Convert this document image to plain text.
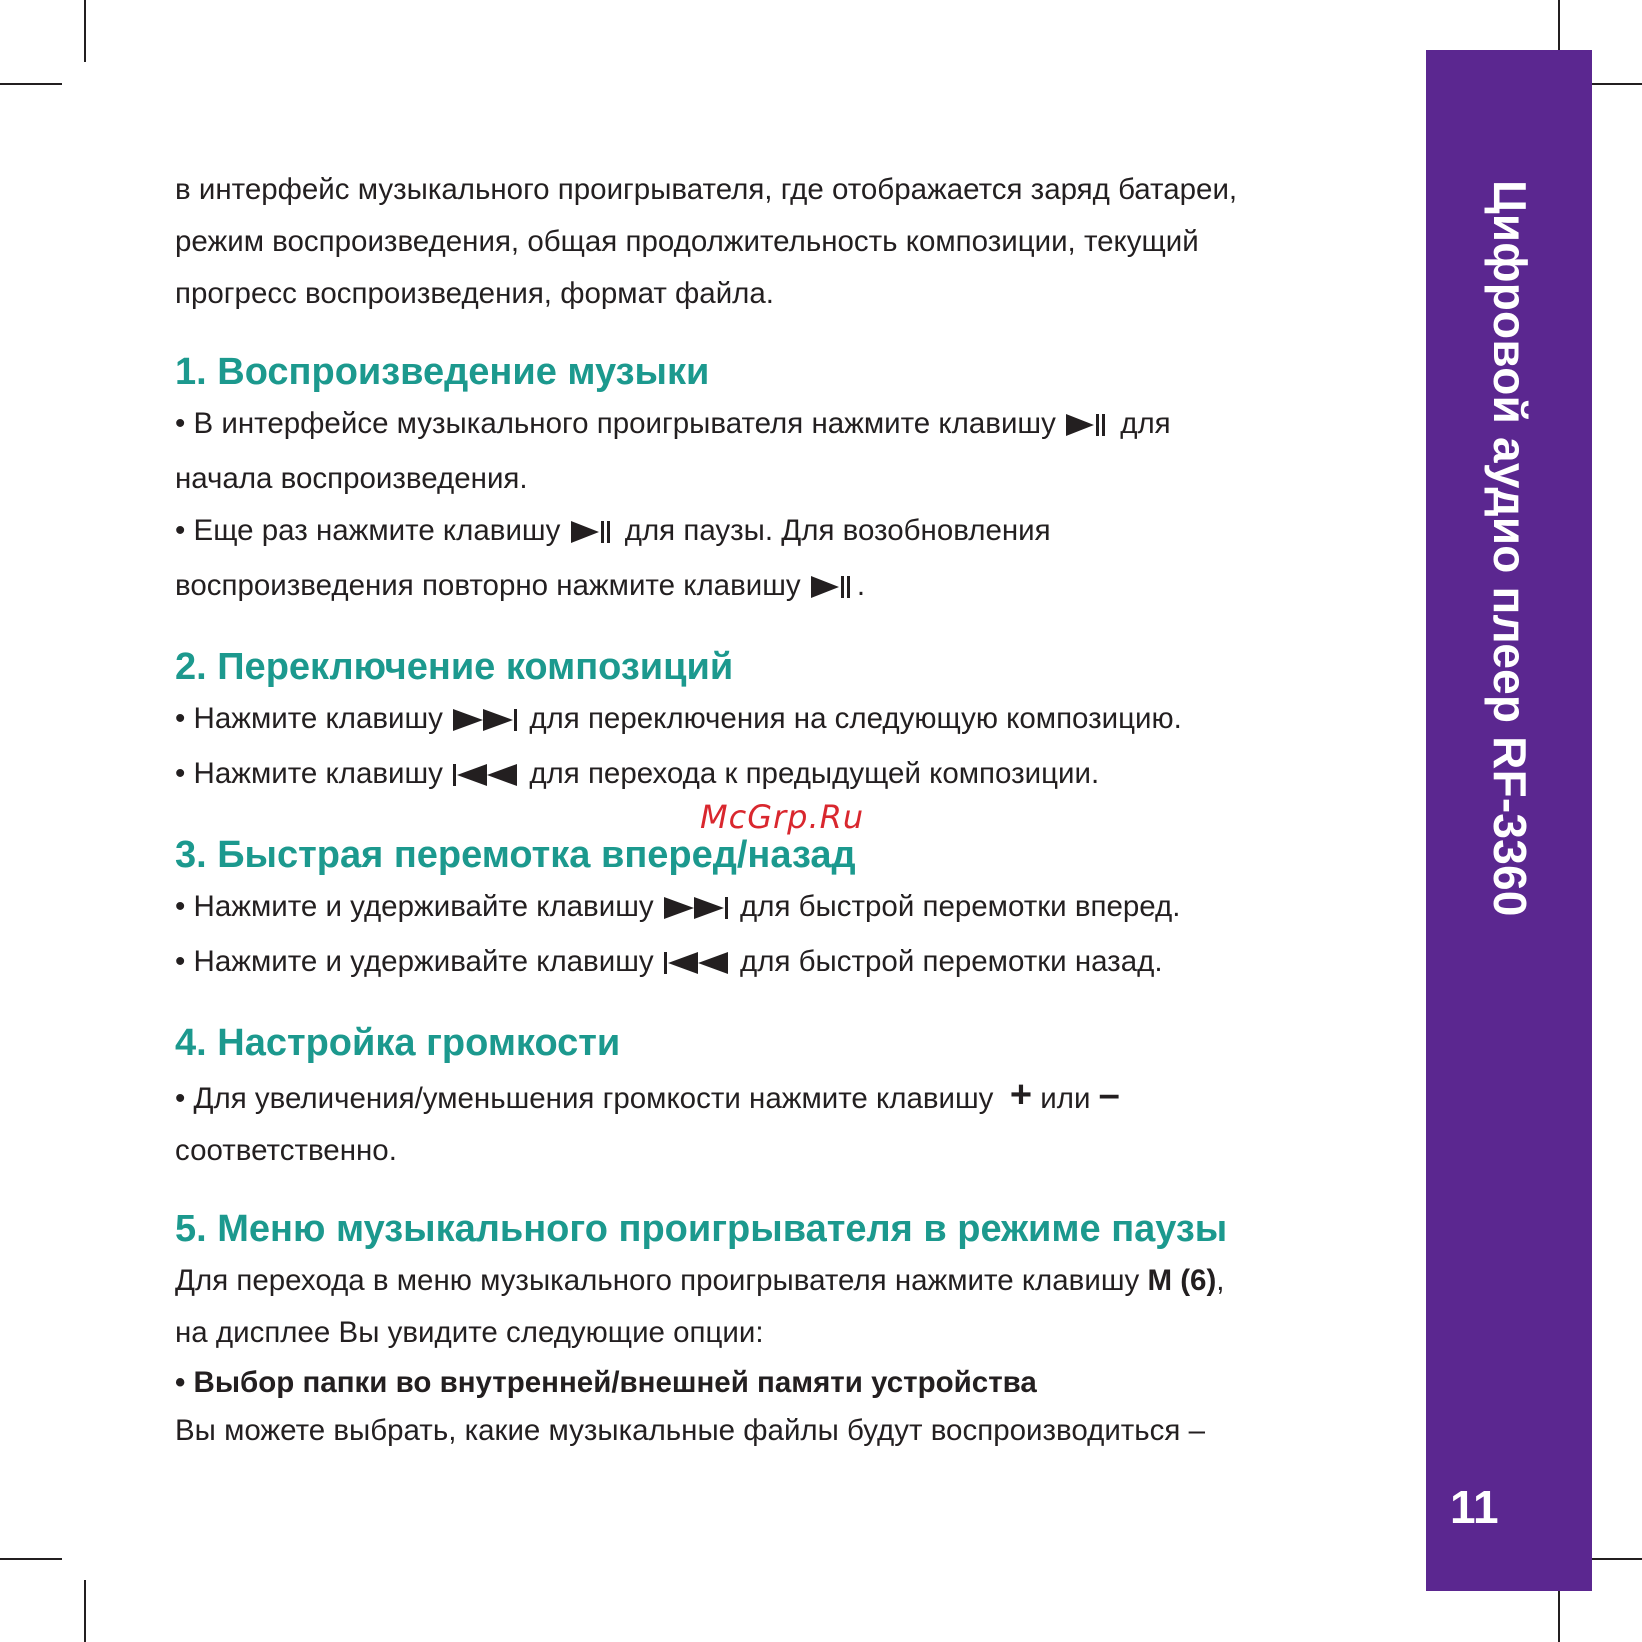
Цифровой аудио плеер RF-3360
11

в интерфейс музыкального проигрывателя, где отображается заряд батареи,

режим воспроизведения, общая продолжительность композиции, текущий

прогресс воспроизведения, формат файла.

1. Воспроизведение музыки

• В интерфейсе музыкального проигрывателя нажмите клавишу для

начала воспроизведения.

• Еще раз нажмите клавишу для паузы. Для возобновления

воспроизведения повторно нажмите клавишу .

2. Переключение композиций

• Нажмите клавишу	для переключения на следующую композицию.

• Нажмите клавишу	для перехода к предыдущей композиции.

3. Быстрая перемотка вперед/назад

• Нажмите и удерживайте клавишу	для быстрой перемотки вперед.

• Нажмите и удерживайте клавишу	для быстрой перемотки назад.

4. Настройка громкости

• Для увеличения/уменьшения громкости нажмите клавишу + или –

соответственно.

5. Меню музыкального проигрывателя в режиме паузы

Для перехода в меню музыкального проигрывателя нажмите клавишу M (6),

на дисплее Вы увидите следующие опции:

• Выбор папки во внутренней/внешней памяти устройства

Вы можете выбрать, какие музыкальные файлы будут воспроизводиться –

McGrp.Ru
